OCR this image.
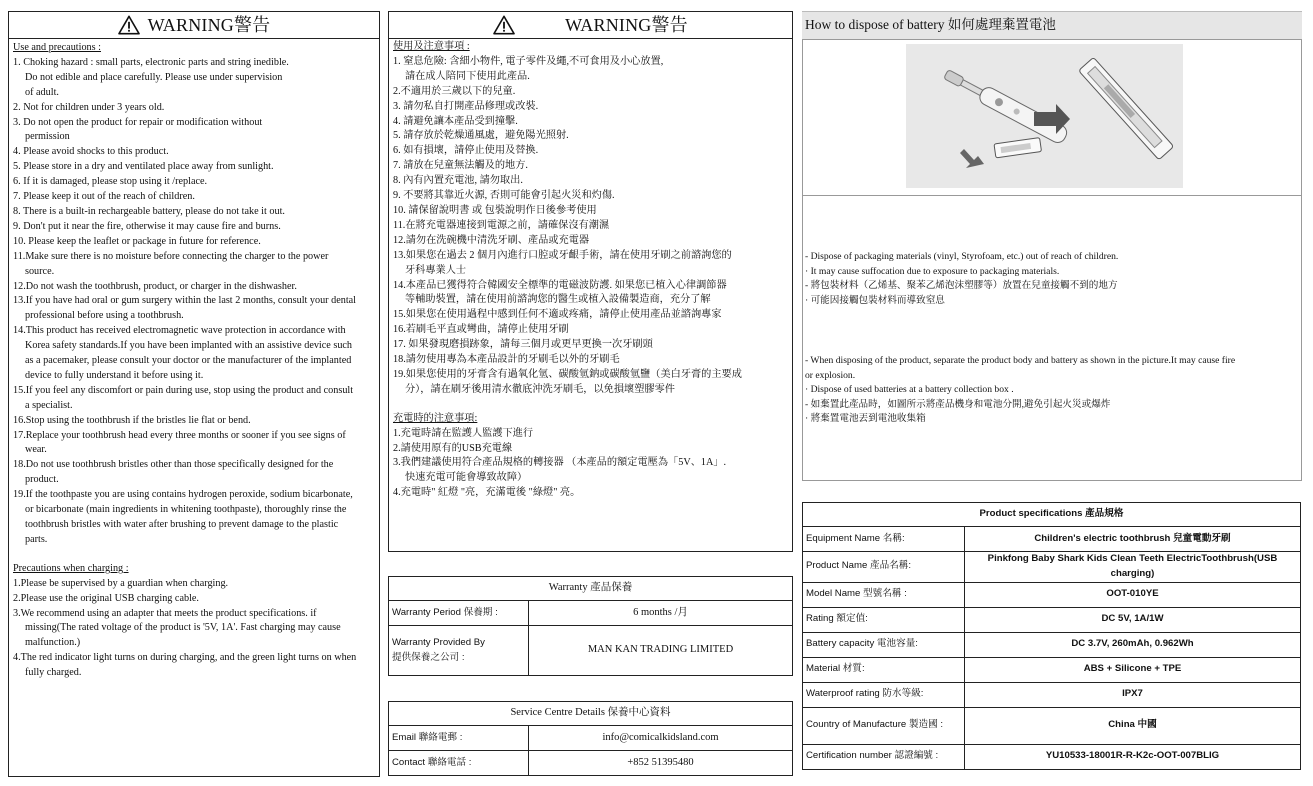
WARNING警告
Use and precautions :
1. Choking hazard : small parts, electronic parts and string inedible.
Do not edible and place carefully. Please use under supervision
of adult.
2. Not for children under 3 years old.
3. Do not open the product for repair or modification without
permission
4. Please avoid shocks to this product.
5. Please store in a dry and ventilated place away from sunlight.
6. If it is damaged, please stop using it /replace.
7. Please keep it out of the reach of children.
8. There is a built-in rechargeable battery, please do not take it out.
9. Don't put it near the fire, otherwise it may cause fire and burns.
10. Please keep the leaflet or package in future for reference.
11.Make sure there is no moisture before connecting the charger to the power
source.
12.Do not wash the toothbrush, product, or charger in the dishwasher.
13.If you have had oral or gum surgery within the last 2 months, consult your dental
professional before using a toothbrush.
14.This product has received electromagnetic wave protection in accordance with
Korea safety standards.If you have been implanted with an assistive device such
as a pacemaker, please consult your doctor or the manufacturer of the implanted
device to fully understand it before using it.
15.If you feel any discomfort or pain during use, stop using the product and consult
a specialist.
16.Stop using the toothbrush if the bristles lie flat or bend.
17.Replace your toothbrush head every three months or sooner if you see signs of
wear.
18.Do not use toothbrush bristles other than those specifically designed for the
product.
19.If the toothpaste you are using contains hydrogen peroxide, sodium bicarbonate,
or bicarbonate (main ingredients in whitening toothpaste), thoroughly rinse the
toothbrush bristles with water after brushing to prevent damage to the plastic
parts.
Precautions when charging :
1.Please be supervised by a guardian when charging.
2.Please use the original USB charging cable.
3.We recommend using an adapter that meets the product specifications. if
missing(The rated voltage of the product is '5V, 1A'. Fast charging may cause
malfunction.)
4.The red indicator light turns on during charging, and the green light turns on when
fully charged.
WARNING警告
使用及注意事項 :
1. 窒息危險: 含細小物件, 電子零件及繩,不可食用及小心放置,
請在成人陪同下使用此產品.
2.不適用於三歲以下的兒童.
3. 請勿私自打開產品修理或改裝.
4. 請避免讓本產品受到撞擊.
5. 請存放於乾燥通風處，避免陽光照射.
6. 如有損壞，請停止使用及替換.
7. 請放在兒童無法觸及的地方.
8. 內有內置充電池, 請勿取出.
9. 不要將其靠近火源, 否則可能會引起火災和灼傷.
10. 請保留說明書 或 包裝說明作日後參考使用
11.在將充電器連接到電源之前，請確保沒有潮濕
12.請勿在洗碗機中清洗牙刷、產品或充電器
13.如果您在過去 2 個月內進行口腔或牙齦手術，請在使用牙刷之前諮詢您的
牙科專業人士
14.本產品已獲得符合韓國安全標準的電磁波防護. 如果您已植入心律調節器
等輔助裝置，請在使用前諮詢您的醫生或植入設備製造商，充分了解
15.如果您在使用過程中感到任何不適或疼痛，請停止使用產品並諮詢專家
16.若刷毛平直或彎曲，請停止使用牙刷
17. 如果發現磨損跡象，請每三個月或更早更換一次牙刷頭
18.請勿使用專為本產品設計的牙刷毛以外的牙刷毛
19.如果您使用的牙膏含有過氧化氫、碳酸氫鈉或碳酸氫鹽（美白牙膏的主要成
分），請在刷牙後用清水徹底沖洗牙刷毛，以免損壞塑膠零件
充電時的注意事項:
1.充電時請在監護人監護下進行
2.請使用原有的USB充電線
3.我們建議使用符合產品規格的轉接器 （本產品的額定電壓為「5V、1A」.
快速充電可能會導致故障）
4.充電時" 紅燈 "亮，充滿電後 "綠燈" 亮。
Warranty 產品保養	
Warranty Period 保養期 :	6 months /月

Warranty Provided By
提供保養之公司 :	MAN KAN TRADING LIMITED
Service Centre Details 保養中心資料	
Email 聯絡電郵 :	info@comicalkidsland.com
Contact 聯絡電話 :	+852 51395480
How to dispose of battery 如何處理棄置電池
- Dispose of packaging materials (vinyl, Styrofoam, etc.) out of reach of children.
· It may cause suffocation due to exposure to packaging materials.
- 將包裝材料（乙烯基、聚苯乙烯泡沫塑膠等）放置在兒童接觸不到的地方
· 可能因接觸包裝材料而導致窒息
- When disposing of the product, separate the product body and battery as shown in the picture.It may cause fire
or explosion.
· Dispose of used batteries at a battery collection box .
- 如棄置此產品時，如圖所示將產品機身和電池分開,避免引起火災或爆炸
· 將棄置電池丟到電池收集箱
Product specifications 產品規格	
Equipment Name 名稱:	Children's electric toothbrush 兒童電動牙刷
Product Name 產品名稱:	Pinkfong Baby Shark Kids Clean Teeth ElectricToothbrush(USB charging)
Model Name 型號名稱 :	OOT-010YE
Rating 額定值:	DC 5V, 1A/1W
Battery capacity 電池容量:	DC 3.7V, 260mAh, 0.962Wh
Material 材質:	ABS + Silicone + TPE
Waterproof rating 防水等級:	IPX7
Country of Manufacture 製造國 :	China 中國
Certification number 認證編號 :	YU10533-18001R-R-K2c-OOT-007BLIG
